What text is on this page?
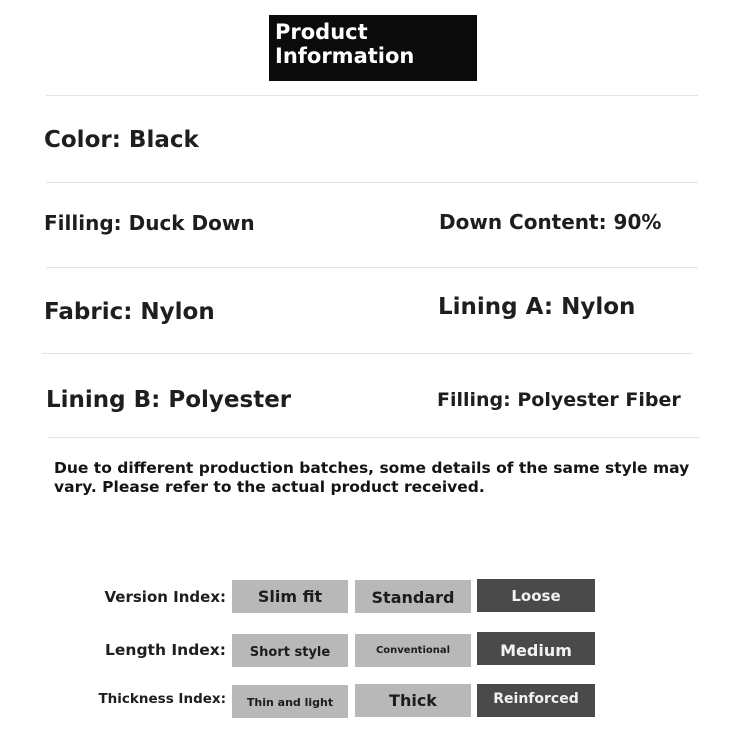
Product
Information
Color: Black
Filling: Duck Down	Down Content: 90%
Fabric: Nylon	Lining A: Nylon
Lining B: Polyester	Filling: Polyester Fiber
Due to different production batches, some details of the same style may vary. Please refer to the actual product received.
Version Index:	Slim fit	Standard	Loose
Length Index:	Short style	Conventional	Medium
Thickness Index:	Thin and light	Thick	Reinforced
